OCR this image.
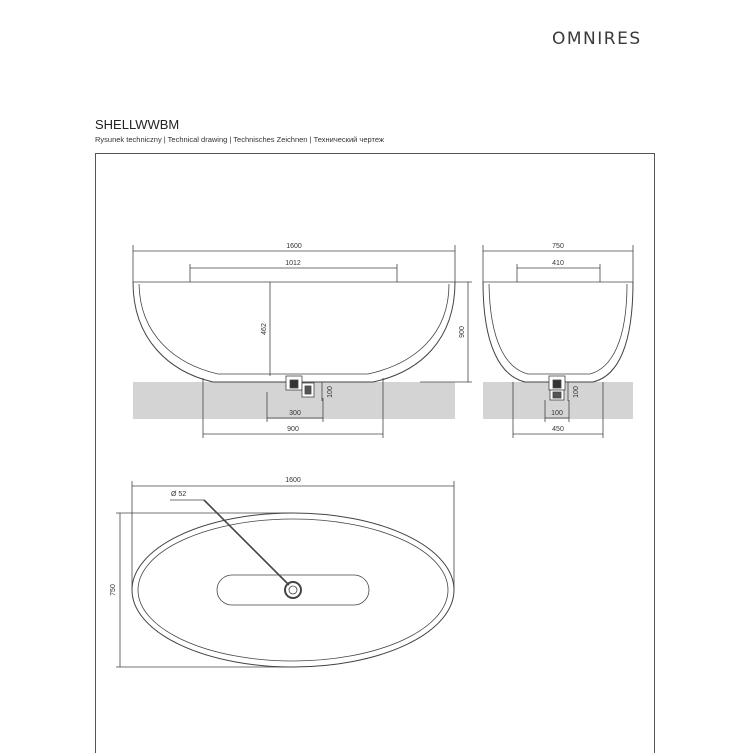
OMNIRES
SHELLWWBM
Rysunek techniczny | Technical drawing | Technisches Zeichnen | Технический чертеж
1600
1012
462	900
100
300
900
750
410
100
100
450
1600
Ø 52
750
